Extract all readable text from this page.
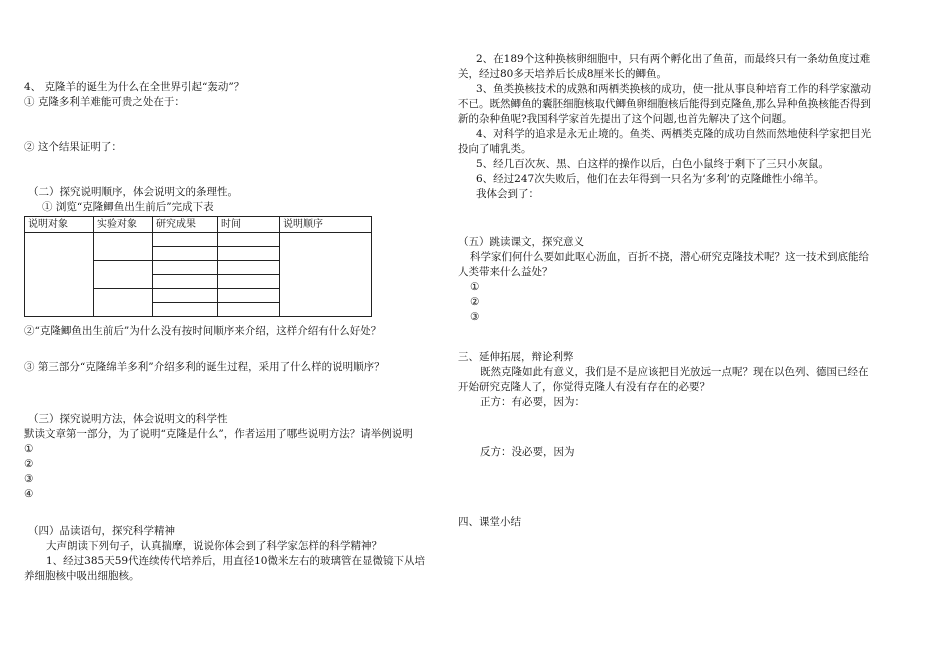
4、 克隆羊的诞生为什么在全世界引起“轰动”？
① 克隆多利羊难能可贵之处在于：
② 这个结果证明了：
（二）探究说明顺序，体会说明文的条理性。
① 浏览“克隆鲫鱼出生前后”完成下表
说明对象	实验对象	研究成果	时间	说明顺序

②“克隆鲫鱼出生前后”为什么没有按时间顺序来介绍，这样介绍有什么好处？
③ 第三部分“克隆绵羊多利”介绍多利的诞生过程，采用了什么样的说明顺序？
（三）探究说明方法，体会说明文的科学性
默读文章第一部分，为了说明“克隆是什么”，作者运用了哪些说明方法？请举例说明
①
②
③
④
（四）品读语句，探究科学精神
大声朗读下列句子，认真揣摩，说说你体会到了科学家怎样的科学精神？
1、经过385天59代连续传代培养后，用直径10微米左右的玻璃管在显微镜下从培养细胞核中吸出细胞核。
2、在189个这种换核卵细胞中，只有两个孵化出了鱼苗，而最终只有一条幼鱼度过难关，经过80多天培养后长成8厘米长的鲫鱼。
3、鱼类换核技术的成熟和两栖类换核的成功，使一批从事良种培育工作的科学家激动不已。既然鲫鱼的囊胚细胞核取代鲫鱼卵细胞核后能得到克隆鱼,那么异种鱼换核能否得到新的杂种鱼呢?我国科学家首先提出了这个问题,也首先解决了这个问题。
4、对科学的追求是永无止境的。鱼类、两栖类克隆的成功自然而然地使科学家把目光投向了哺乳类。
5、经几百次灰、黑、白这样的操作以后，白色小鼠终于剩下了三只小灰鼠。
6、经过247次失败后，他们在去年得到一只名为‘多利’的克隆雌性小绵羊。
我体会到了：
（五）跳读课文，探究意义
科学家们何什么要如此呕心沥血，百折不挠，潜心研究克隆技术呢？这一技术到底能给人类带来什么益处？
①
②
③
三、延伸拓展，辩论利弊
既然克隆如此有意义，我们是不是应该把目光放远一点呢？现在以色列、德国已经在开始研究克隆人了，你觉得克隆人有没有存在的必要？
正方：有必要，因为：
反方：没必要，因为
四、课堂小结
